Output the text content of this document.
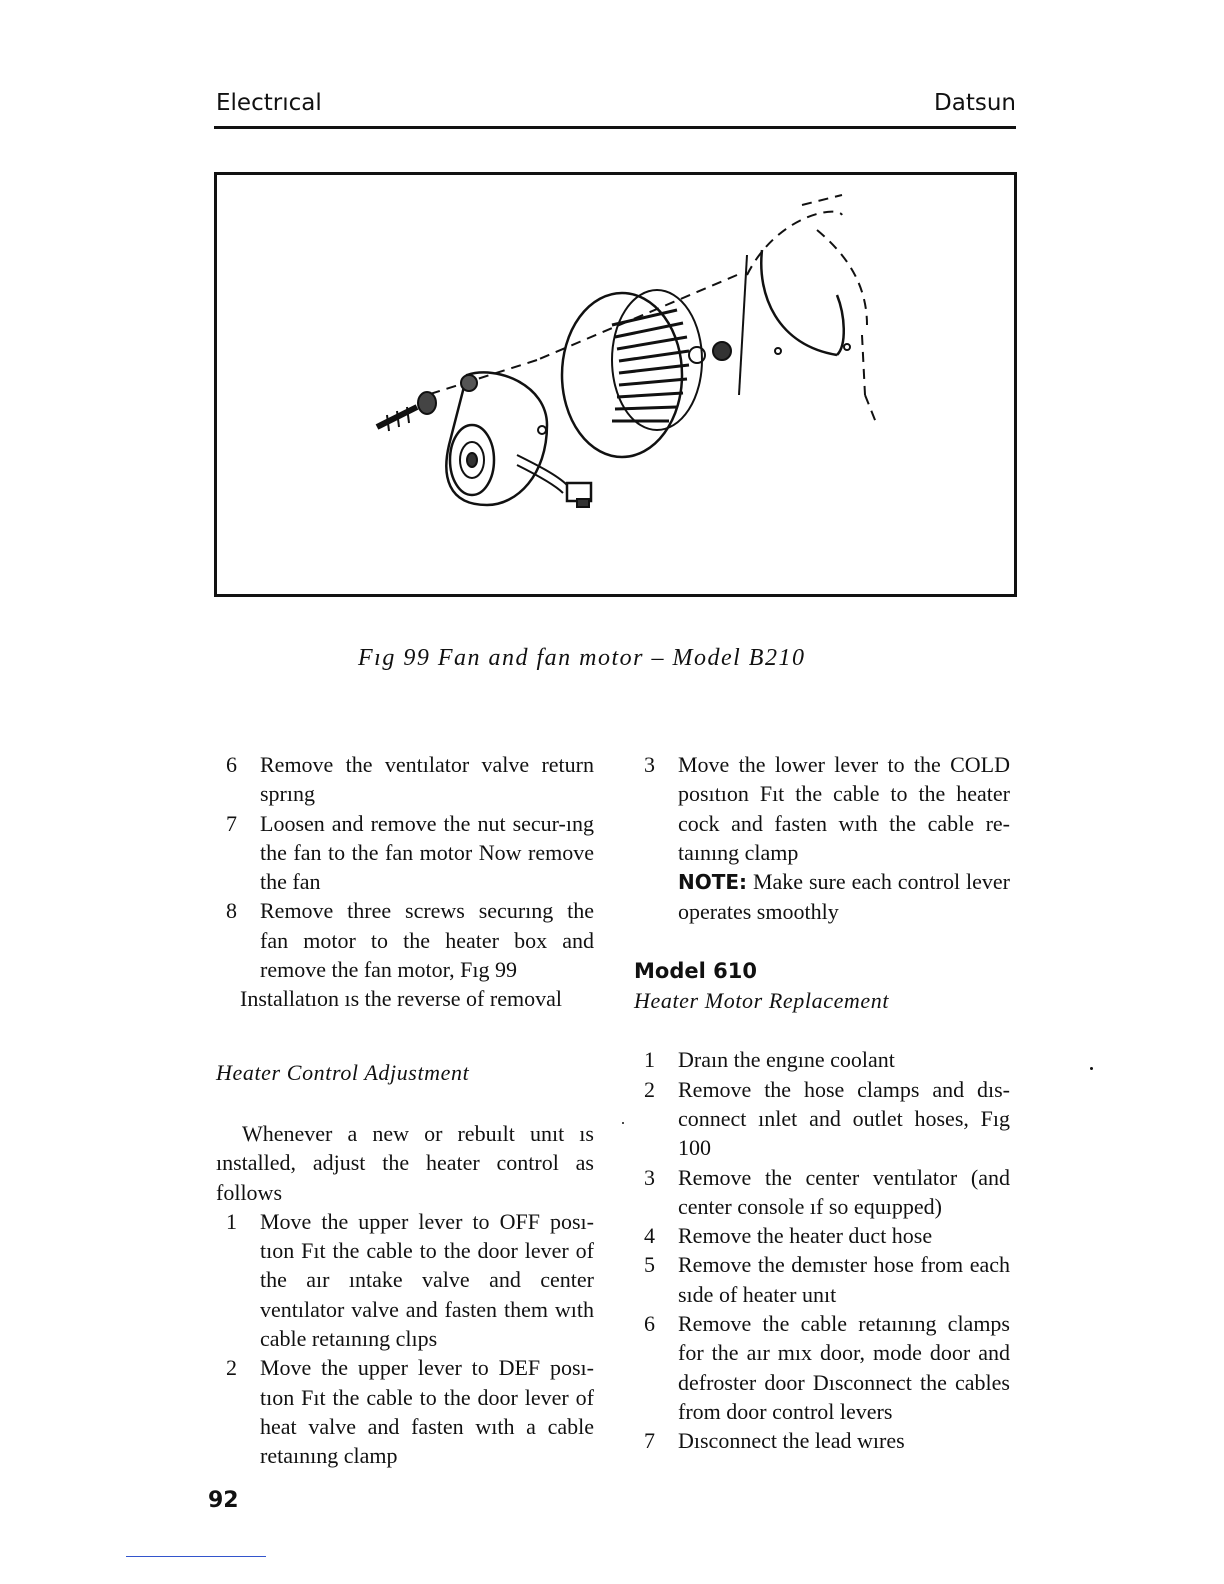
Electrıcal	Datsun
Fıg 99 Fan and fan motor – Model B210
6 Remove the ventılator valve return sprıng
7 Loosen and remove the nut secur-ıng the fan to the fan motor Now remove the fan
8 Remove three screws securıng the fan motor to the heater box and remove the fan motor, Fıg 99
Installatıon ıs the reverse of removal
Heater Control Adjustment
Whenever a new or rebuılt unıt ıs ınstalled, adjust the heater control as follows
1 Move the upper lever to OFF posı-tıon Fıt the cable to the door lever of the aır ıntake valve and center ventılator valve and fasten them wıth cable retaınıng clıps
2 Move the upper lever to DEF posı-tıon Fıt the cable to the door lever of heat valve and fasten wıth a cable retaınıng clamp
3 Move the lower lever to the COLD posıtıon Fıt the cable to the heater cock and fasten wıth the cable re-taınıng clamp
NOTE: Make sure each control lever operates smoothly
Model 610
Heater Motor Replacement
1 Draın the engıne coolant
2 Remove the hose clamps and dıs-connect ınlet and outlet hoses, Fıg 100
3 Remove the center ventılator (and center console ıf so equıpped)
4 Remove the heater duct hose
5 Remove the demıster hose from each sıde of heater unıt
6 Remove the cable retaınıng clamps for the aır mıx door, mode door and defroster door Dısconnect the cables from door control levers
7 Dısconnect the lead wıres
92
